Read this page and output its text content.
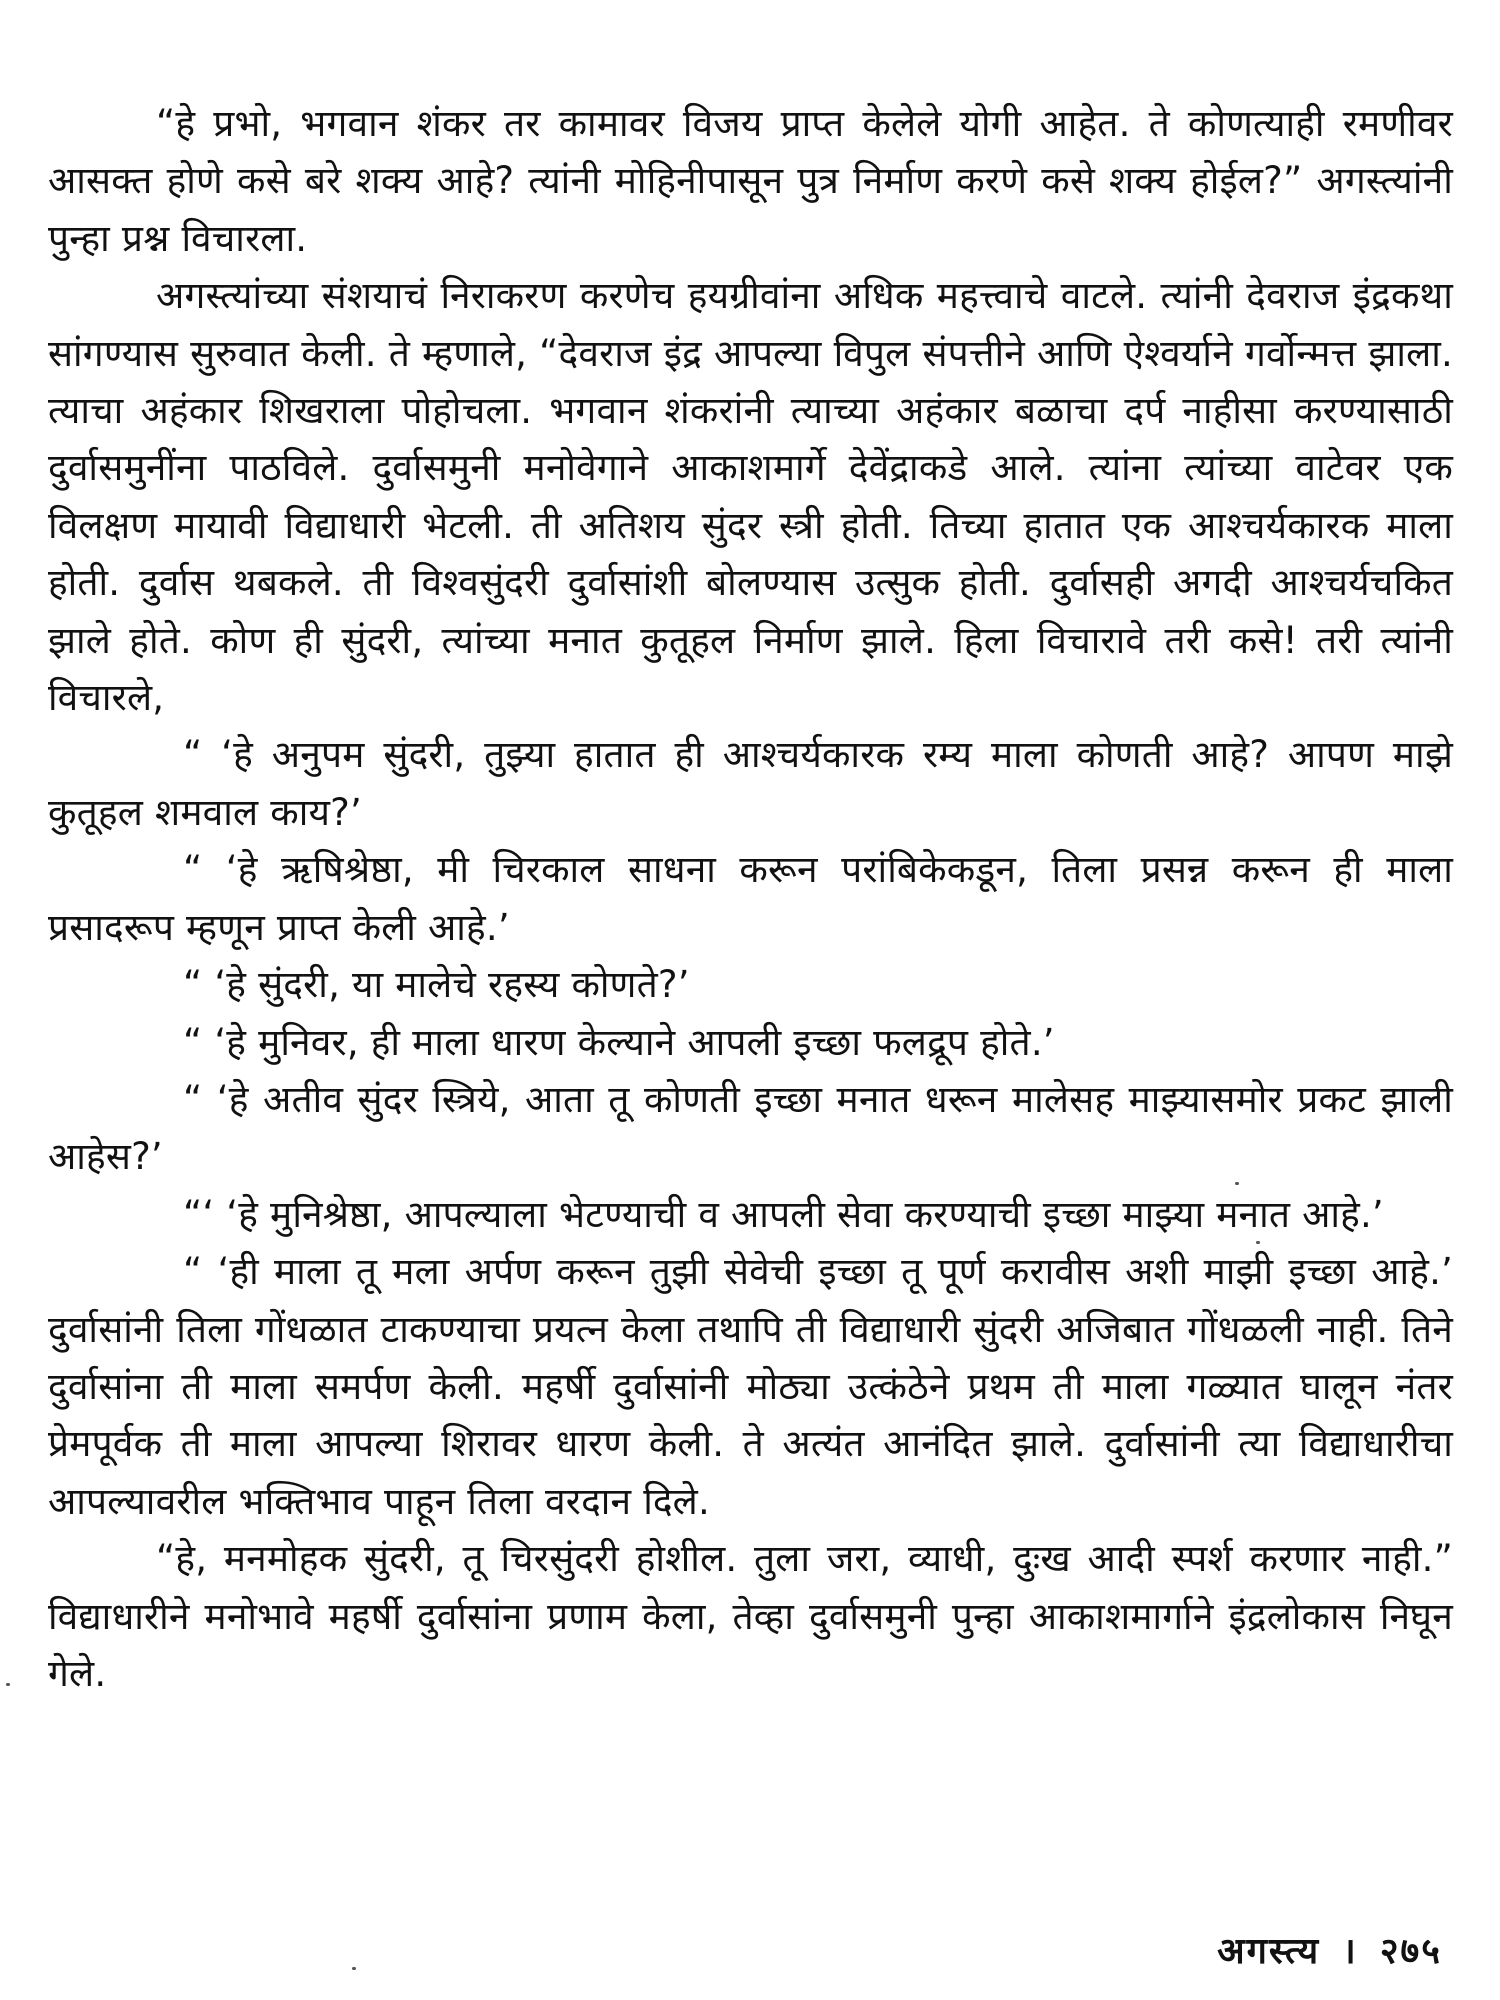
“हे प्रभो, भगवान शंकर तर कामावर विजय प्राप्त केलेले योगी आहेत. ते कोणत्याही रमणीवर आसक्त होणे कसे बरे शक्य आहे? त्यांनी मोहिनीपासून पुत्र निर्माण करणे कसे शक्य होईल?” अगस्त्यांनी पुन्हा प्रश्न विचारला.

अगस्त्यांच्या संशयाचं निराकरण करणेच हयग्रीवांना अधिक महत्त्वाचे वाटले. त्यांनी देवराज इंद्रकथा सांगण्यास सुरुवात केली. ते म्हणाले, “देवराज इंद्र आपल्या विपुल संपत्तीने आणि ऐश्वर्याने गर्वोन्मत्त झाला. त्याचा अहंकार शिखराला पोहोचला. भगवान शंकरांनी त्याच्या अहंकार बळाचा दर्प नाहीसा करण्यासाठी दुर्वासमुनींना पाठविले. दुर्वासमुनी मनोवेगाने आकाशमार्गे देवेंद्राकडे आले. त्यांना त्यांच्या वाटेवर एक विलक्षण मायावी विद्याधारी भेटली. ती अतिशय सुंदर स्त्री होती. तिच्या हातात एक आश्चर्यकारक माला होती. दुर्वास थबकले. ती विश्वसुंदरी दुर्वासांशी बोलण्यास उत्सुक होती. दुर्वासही अगदी आश्चर्यचकित झाले होते. कोण ही सुंदरी, त्यांच्या मनात कुतूहल निर्माण झाले. हिला विचारावे तरी कसे! तरी त्यांनी विचारले,

“ ‘हे अनुपम सुंदरी, तुझ्या हातात ही आश्चर्यकारक रम्य माला कोणती आहे? आपण माझे कुतूहल शमवाल काय?’

“ ‘हे ऋषिश्रेष्ठा, मी चिरकाल साधना करून परांबिकेकडून, तिला प्रसन्न करून ही माला प्रसादरूप म्हणून प्राप्त केली आहे.’

“ ‘हे सुंदरी, या मालेचे रहस्य कोणते?’

“ ‘हे मुनिवर, ही माला धारण केल्याने आपली इच्छा फलद्रूप होते.’

“ ‘हे अतीव सुंदर स्त्रिये, आता तू कोणती इच्छा मनात धरून मालेसह माझ्यासमोर प्रकट झाली आहेस?’

“‘ ‘हे मुनिश्रेष्ठा, आपल्याला भेटण्याची व आपली सेवा करण्याची इच्छा माझ्या मनात आहे.’

“ ‘ही माला तू मला अर्पण करून तुझी सेवेची इच्छा तू पूर्ण करावीस अशी माझी इच्छा आहे.’ दुर्वासांनी तिला गोंधळात टाकण्याचा प्रयत्न केला तथापि ती विद्याधारी सुंदरी अजिबात गोंधळली नाही. तिने दुर्वासांना ती माला समर्पण केली. महर्षी दुर्वासांनी मोठ्या उत्कंठेने प्रथम ती माला गळ्यात घालून नंतर प्रेमपूर्वक ती माला आपल्या शिरावर धारण केली. ते अत्यंत आनंदित झाले. दुर्वासांनी त्या विद्याधारीचा आपल्यावरील भक्तिभाव पाहून तिला वरदान दिले.

“हे, मनमोहक सुंदरी, तू चिरसुंदरी होशील. तुला जरा, व्याधी, दुःख आदी स्पर्श करणार नाही.” विद्याधारीने मनोभावे महर्षी दुर्वासांना प्रणाम केला, तेव्हा दुर्वासमुनी पुन्हा आकाशमार्गाने इंद्रलोकास निघून गेले.

अगस्त्य । २७५
